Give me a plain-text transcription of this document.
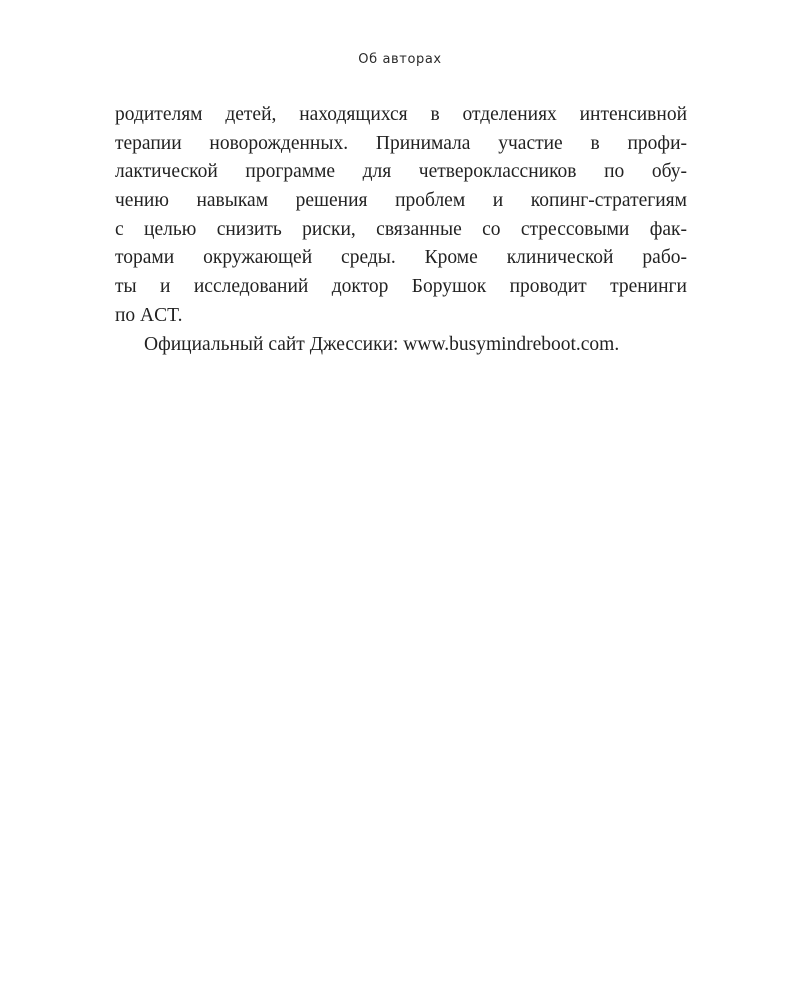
Об авторах
родителям детей, находящихся в отделениях интенсивной
терапии новорожденных. Принимала участие в профи-
лактической программе для четвероклассников по обу-
чению навыкам решения проблем и копинг-стратегиям
с целью снизить риски, связанные со стрессовыми фак-
торами окружающей среды. Кроме клинической рабо-
ты и исследований доктор Борушок проводит тренинги
по ACT.
Официальный сайт Джессики: www.busymindreboot.com.
